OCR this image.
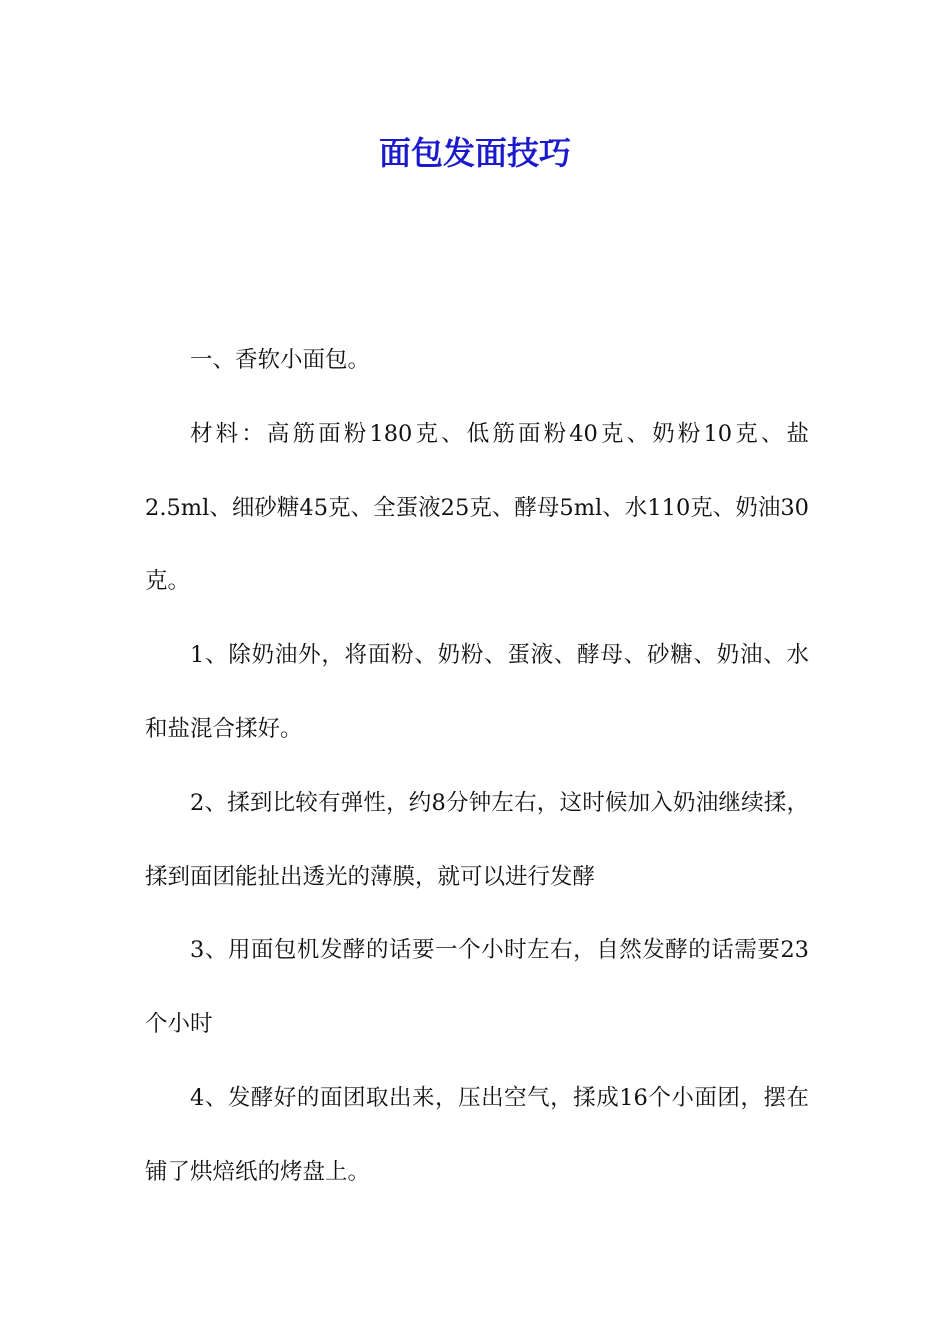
面包发面技巧

一、香软小面包。

材料：高筋面粉180克、低筋面粉40克、奶粉10克、盐2.5ml、细砂糖45克、全蛋液25克、酵母5ml、水110克、奶油30克。

1、除奶油外，将面粉、奶粉、蛋液、酵母、砂糖、奶油、水和盐混合揉好。

2、揉到比较有弹性，约8分钟左右，这时候加入奶油继续揉，揉到面团能扯出透光的薄膜，就可以进行发酵

3、用面包机发酵的话要一个小时左右，自然发酵的话需要23个小时

4、发酵好的面团取出来，压出空气，揉成16个小面团，摆在铺了烘焙纸的烤盘上。
